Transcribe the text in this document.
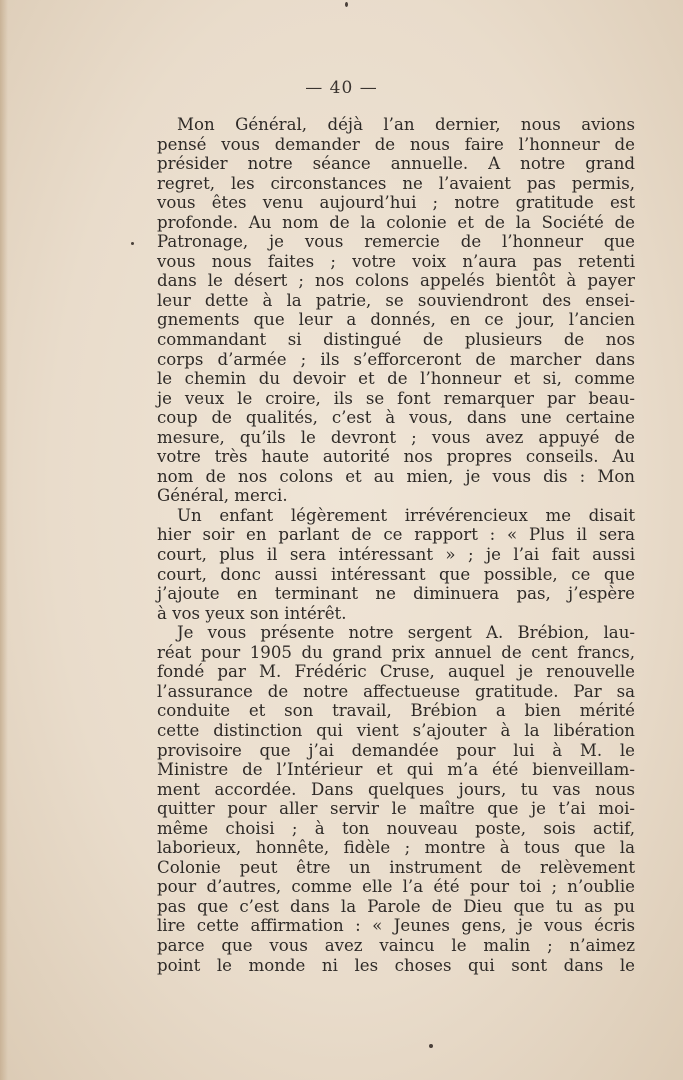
— 40 —
Mon Général, déjà l’an dernier, nous avions
pensé vous demander de nous faire l’honneur de
présider notre séance annuelle. A notre grand
regret, les circonstances ne l’avaient pas permis,
vous êtes venu aujourd’hui ; notre gratitude est
profonde. Au nom de la colonie et de la Société de
Patronage, je vous remercie de l’honneur que
vous nous faites ; votre voix n’aura pas retenti
dans le désert ; nos colons appelés bientôt à payer
leur dette à la patrie, se souviendront des ensei-
gnements que leur a donnés, en ce jour, l’ancien
commandant si distingué de plusieurs de nos
corps d’armée ; ils s’efforceront de marcher dans
le chemin du devoir et de l’honneur et si, comme
je veux le croire, ils se font remarquer par beau-
coup de qualités, c’est à vous, dans une certaine
mesure, qu’ils le devront ; vous avez appuyé de
votre très haute autorité nos propres conseils. Au
nom de nos colons et au mien, je vous dis : Mon
Général, merci.
Un enfant légèrement irrévérencieux me disait
hier soir en parlant de ce rapport : « Plus il sera
court, plus il sera intéressant » ; je l’ai fait aussi
court, donc aussi intéressant que possible, ce que
j’ajoute en terminant ne diminuera pas, j’espère
à vos yeux son intérêt.
Je vous présente notre sergent A. Brébion, lau-
réat pour 1905 du grand prix annuel de cent francs,
fondé par M. Frédéric Cruse, auquel je renouvelle
l’assurance de notre affectueuse gratitude. Par sa
conduite et son travail, Brébion a bien mérité
cette distinction qui vient s’ajouter à la libération
provisoire que j’ai demandée pour lui à M. le
Ministre de l’Intérieur et qui m’a été bienveillam-
ment accordée. Dans quelques jours, tu vas nous
quitter pour aller servir le maître que je t’ai moi-
même choisi ; à ton nouveau poste, sois actif,
laborieux, honnête, fidèle ; montre à tous que la
Colonie peut être un instrument de relèvement
pour d’autres, comme elle l’a été pour toi ; n’oublie
pas que c’est dans la Parole de Dieu que tu as pu
lire cette affirmation : « Jeunes gens, je vous écris
parce que vous avez vaincu le malin ; n’aimez
point le monde ni les choses qui sont dans le
